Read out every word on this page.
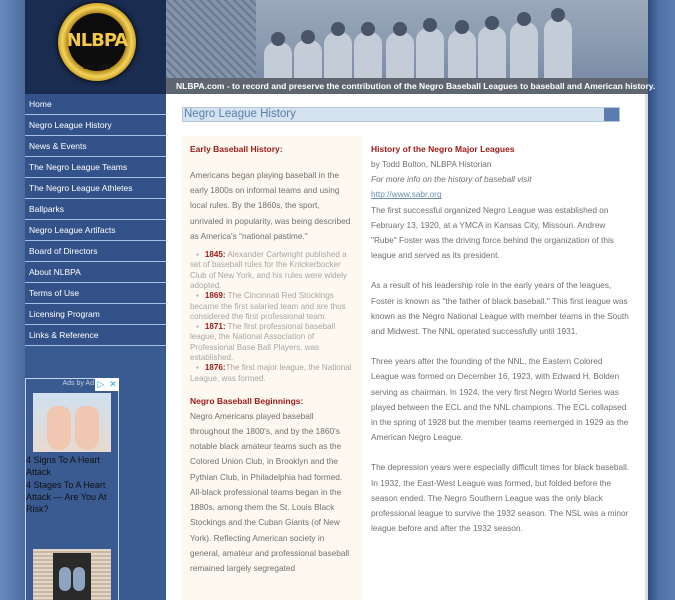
NLBPA
EST. 1990
NLBPA.com - to record and preserve the contribution of the Negro Baseball Leagues to baseball and American history.
Home
Negro League History
News & Events
The Negro League Teams
The Negro League Athletes
Ballparks
Negro League Artifacts
Board of Directors
About NLBPA
Terms of Use
Licensing Program
Links & Reference
Ads by Ad ▷ ✕
4 Signs To A Heart Attack
4 Stages To A Heart Attack — Are You At Risk?
Negro League History
Early Baseball History:

Americans began playing baseball in the early 1800s on informal teams and using local rules. By the 1860s, the sport, unrivaled in popularity, was being described as America's "national pastime."

▪ 1845: Alexander Cartwright published a set of baseball rules for the Knickerbocker Club of New York, and his rules were widely adopted.
▪ 1869: The Cincinnati Red Stockings became the first salaried team and are thus considered the first professional team.
▪ 1871: The first professional baseball league, the National Association of Professional Base Ball Players, was established.
▪ 1876:The first major league, the National League, was formed.
Negro Baseball Beginnings:

Negro Americans played baseball throughout the 1800's, and by the 1860's notable black amateur teams such as the Colored Union Club, in Brooklyn and the Pythian Club, in Philadelphia had formed. All-black professional teams began in the 1880s, among them the St. Louis Black Stockings and the Cuban Giants (of New York). Reflecting American society in general, amateur and professional baseball remained largely segregated

History of the Negro Major Leagues
by Todd Bolton, NLBPA Historian
For more info on the history of baseball visit
http://www.sabr.org

The first successful organized Negro League was established on February 13, 1920, at a YMCA in Kansas City, Missouri. Andrew "Rube" Foster was the driving force behind the organization of this league and served as its president.

As a result of his leadership role in the early years of the leagues, Foster is known as "the father of black baseball." This first league was known as the Negro National League with member teams in the South and Midwest. The NNL operated successfully until 1931.

Three years after the founding of the NNL, the Eastern Colored League was formed on December 16, 1923, with Edward H. Bolden serving as chairman. In 1924, the very first Negro World Series was played between the ECL and the NNL champions. The ECL collapsed in the spring of 1928 but the member teams reemerged in 1929 as the American Negro League.

The depression years were especially difficult times for black baseball. In 1932, the East-West League was formed, but folded before the season ended. The Negro Southern League was the only black professional league to survive the 1932 season. The NSL was a minor league before and after the 1932 season.
